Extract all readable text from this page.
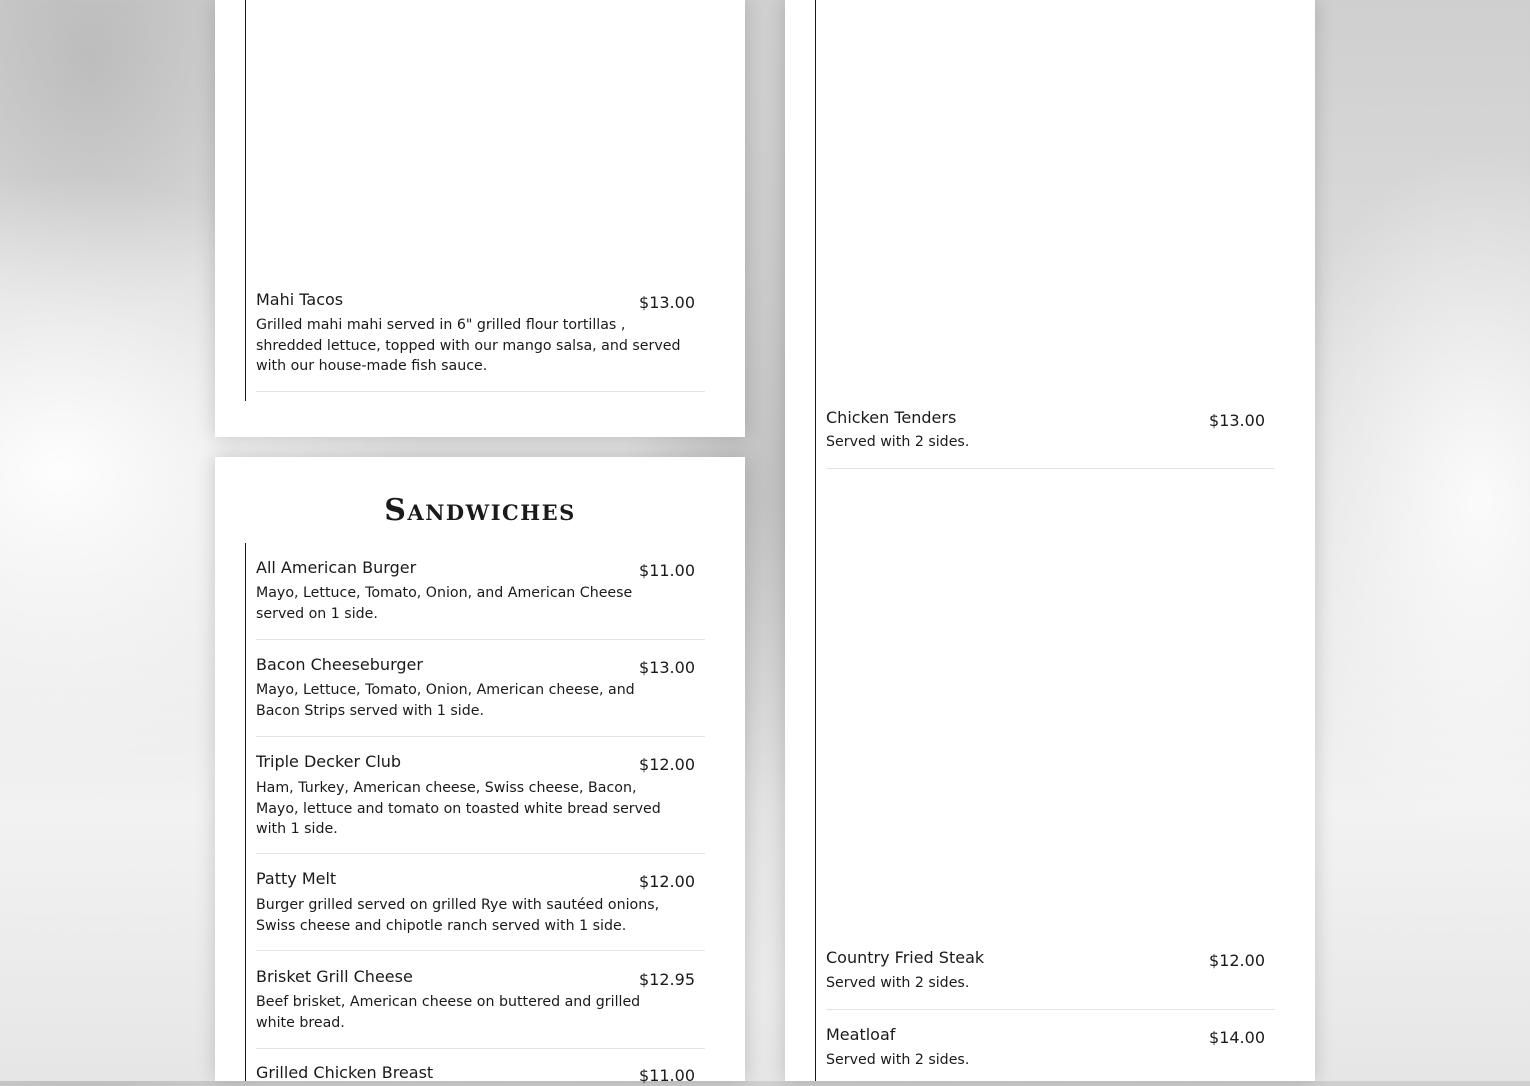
Mahi Tacos	$13.00

Grilled mahi mahi served in 6" grilled flour tortillas , shredded lettuce, topped with our mango salsa, and served with our house-made fish sauce.

Sandwiches
All American Burger	$11.00

Mayo, Lettuce, Tomato, Onion, and American Cheese served on 1 side.

Bacon Cheeseburger	$13.00

Mayo, Lettuce, Tomato, Onion, American cheese, and Bacon Strips served with 1 side.

Triple Decker Club	$12.00

Ham, Turkey, American cheese, Swiss cheese, Bacon, Mayo, lettuce and tomato on toasted white bread served with 1 side.

Patty Melt	$12.00

Burger grilled served on grilled Rye with sautéed onions, Swiss cheese and chipotle ranch served with 1 side.

Brisket Grill Cheese	$12.95

Beef brisket, American cheese on buttered and grilled white bread.

Grilled Chicken Breast	$11.00
Chicken Tenders	$13.00

Served with 2 sides.

Country Fried Steak	$12.00

Served with 2 sides.

Meatloaf	$14.00

Served with 2 sides.
